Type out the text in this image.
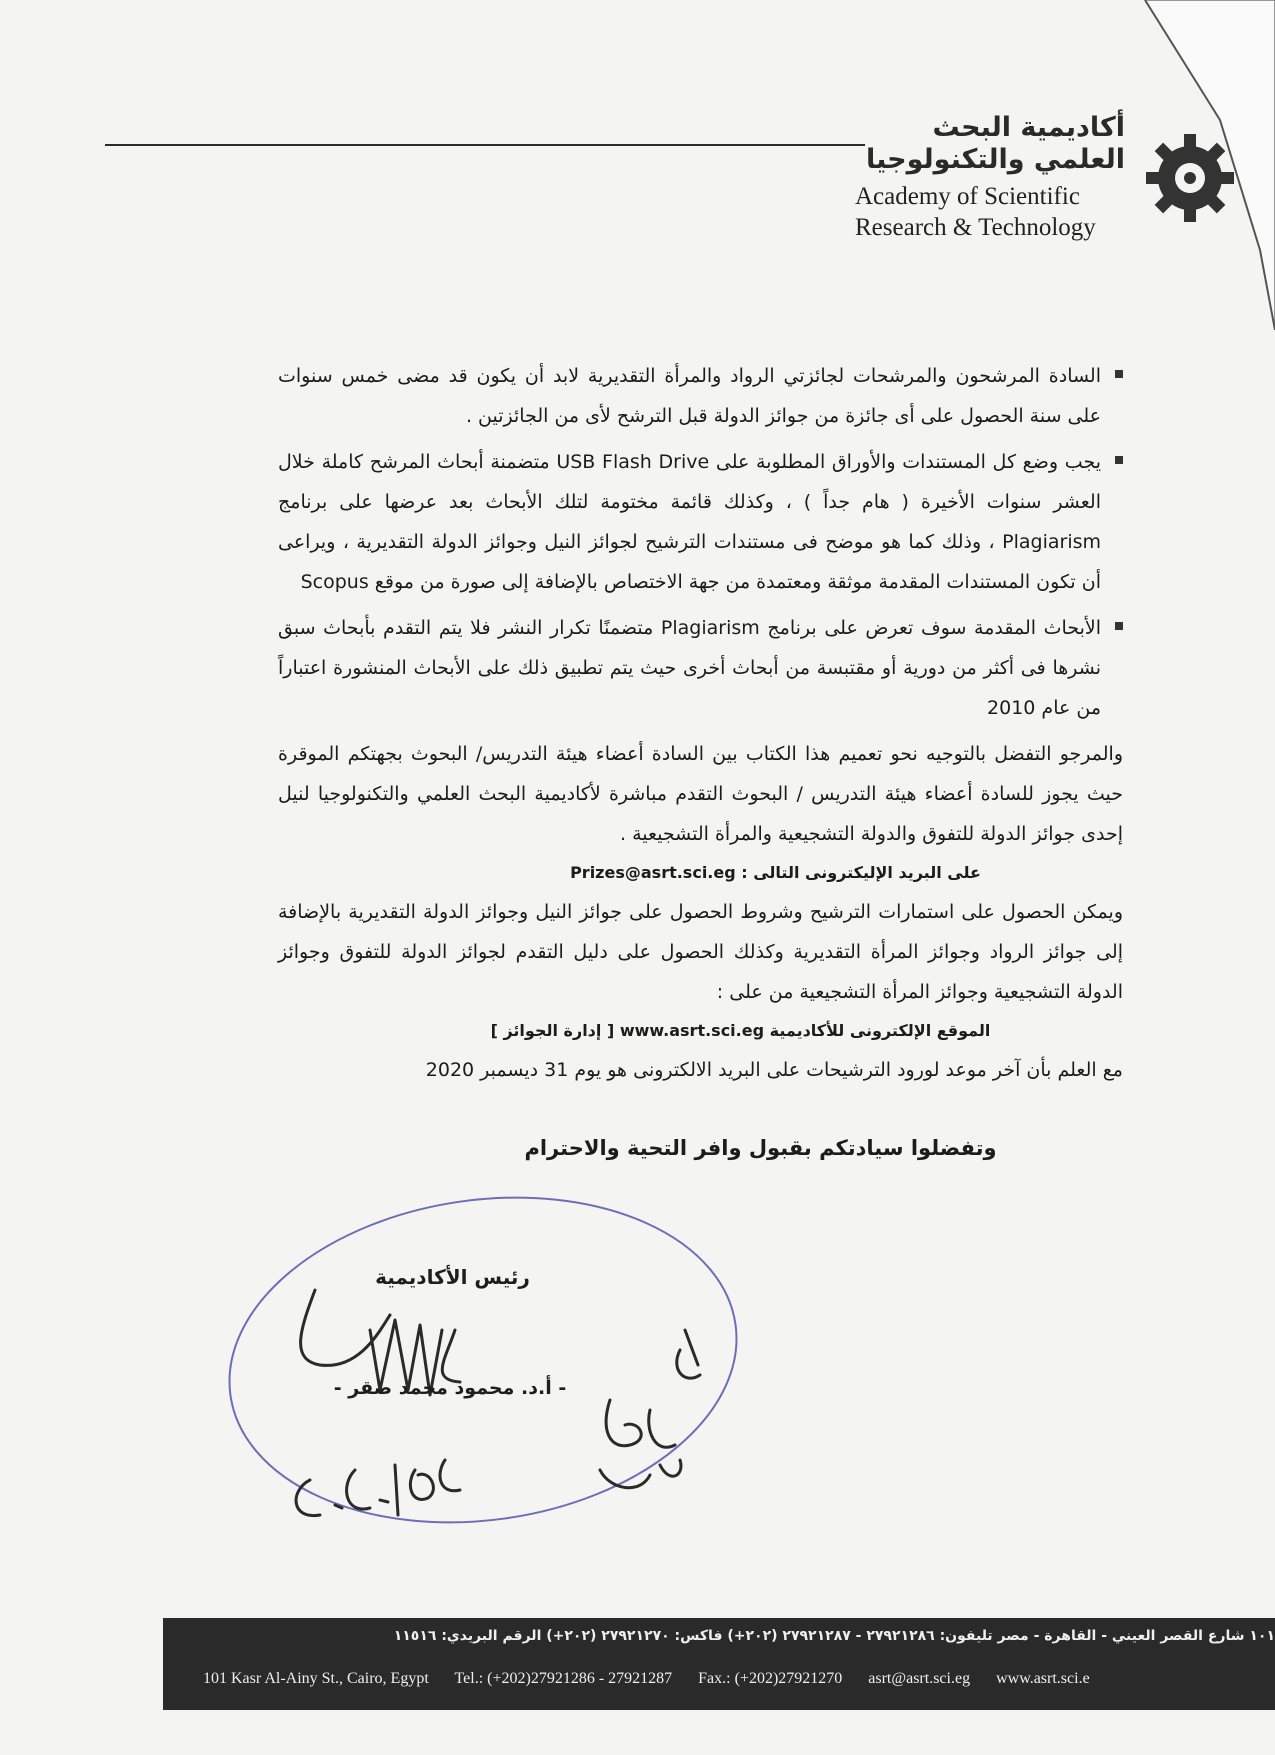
أكاديمية البحث
العلمي والتكنولوجيا
Academy of Scientific
Research & Technology

السادة المرشحون والمرشحات لجائزتي الرواد والمرأة التقديرية لابد أن يكون قد مضى خمس سنوات على سنة الحصول على أى جائزة من جوائز الدولة قبل الترشح لأى من الجائزتين .

يجب وضع كل المستندات والأوراق المطلوبة على USB Flash Drive متضمنة أبحاث المرشح كاملة خلال العشر سنوات الأخيرة ( هام جداً ) ، وكذلك قائمة مختومة لتلك الأبحاث بعد عرضها على برنامج Plagiarism ، وذلك كما هو موضح فى مستندات الترشيح لجوائز النيل وجوائز الدولة التقديرية ، ويراعى أن تكون المستندات المقدمة موثقة ومعتمدة من جهة الاختصاص بالإضافة إلى صورة من موقع Scopus

الأبحاث المقدمة سوف تعرض على برنامج Plagiarism متضمنًا تكرار النشر فلا يتم التقدم بأبحاث سبق نشرها فى أكثر من دورية أو مقتبسة من أبحاث أخرى حيث يتم تطبيق ذلك على الأبحاث المنشورة اعتباراً من عام 2010

والمرجو التفضل بالتوجيه نحو تعميم هذا الكتاب بين السادة أعضاء هيئة التدريس/ البحوث بجهتكم الموقرة حيث يجوز للسادة أعضاء هيئة التدريس / البحوث التقدم مباشرة لأكاديمية البحث العلمي والتكنولوجيا لنيل إحدى جوائز الدولة للتفوق والدولة التشجيعية والمرأة التشجيعية .

على البريد الإليكترونى التالى : Prizes@asrt.sci.eg

ويمكن الحصول على استمارات الترشيح وشروط الحصول على جوائز النيل وجوائز الدولة التقديرية بالإضافة إلى جوائز الرواد وجوائز المرأة التقديرية وكذلك الحصول على دليل التقدم لجوائز الدولة للتفوق وجوائز الدولة التشجيعية وجوائز المرأة التشجيعية من على :

الموقع الإلكترونى للأكاديمية www.asrt.sci.eg [ إدارة الجوائز ]

مع العلم بأن آخر موعد لورود الترشيحات على البريد الالكترونى هو يوم 31 ديسمبر 2020

وتفضلوا سيادتكم بقبول وافر التحية والاحترام

رئيس الأكاديمية
- أ.د. محمود محمد صقر -
١٠١ شارع القصر العيني - القاهرة - مصر تليفون: ٢٧٩٢١٢٨٦ - ٢٧٩٢١٢٨٧ (٢٠٢+) فاكس: ٢٧٩٢١٢٧٠ (٢٠٢+) الرقم البريدي: ١١٥١٦
101 Kasr Al-Ainy St., Cairo, Egypt Tel.: (+202)27921286 - 27921287 Fax.: (+202)27921270 asrt@asrt.sci.eg www.asrt.sci.e
